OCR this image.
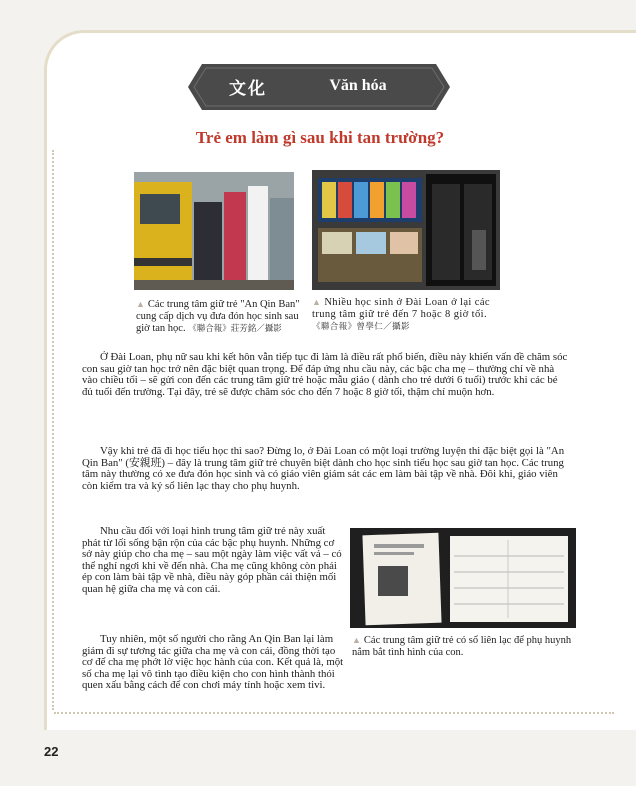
文化	Văn hóa
Trẻ em làm gì sau khi tan trường?
▲ Các trung tâm giữ trẻ "An Qin Ban" cung cấp dịch vụ đưa đón học sinh sau giờ tan học. 《聯合報》莊芳銘／攝影
▲ Nhiều học sinh ở Đài Loan ở lại các trung tâm giữ trẻ đến 7 hoặc 8 giờ tối.
《聯合報》曾學仁／攝影
▲ Các trung tâm giữ trẻ có sổ liên lạc để phụ huynh nắm bắt tình hình của con.

Ở Đài Loan, phụ nữ sau khi kết hôn vẫn tiếp tục đi làm là điều rất phổ biến, điều này khiến vấn đề chăm sóc con sau giờ tan học trở nên đặc biệt quan trọng. Để đáp ứng nhu cầu này, các bậc cha mẹ – thường chỉ về nhà vào chiều tối – sẽ gửi con đến các trung tâm giữ trẻ hoặc mẫu giáo ( dành cho trẻ dưới 6 tuổi) trước khi các bé đủ tuổi đến trường. Tại đây, trẻ sẽ được chăm sóc cho đến 7 hoặc 8 giờ tối, thậm chí muộn hơn.

Vậy khi trẻ đã đi học tiểu học thì sao? Đừng lo, ở Đài Loan có một loại trường luyện thi đặc biệt gọi là "An Qin Ban" (安親班) – đây là trung tâm giữ trẻ chuyên biệt dành cho học sinh tiểu học sau giờ tan học. Các trung tâm này thường có xe đưa đón học sinh và có giáo viên giám sát các em làm bài tập về nhà. Đôi khi, giáo viên còn kiểm tra và ký sổ liên lạc thay cho phụ huynh.

Nhu cầu đối với loại hình trung tâm giữ trẻ này xuất phát từ lối sống bận rộn của các bậc phụ huynh. Những cơ sở này giúp cho cha mẹ – sau một ngày làm việc vất vả – có thể nghỉ ngơi khi về đến nhà. Cha mẹ cũng không còn phải ép con làm bài tập về nhà, điều này góp phần cải thiện mối quan hệ giữa cha mẹ và con cái.

Tuy nhiên, một số người cho rằng An Qin Ban lại làm giảm đi sự tương tác giữa cha mẹ và con cái, đồng thời tạo cơ để cha mẹ phớt lờ việc học hành của con. Kết quả là, một số cha mẹ lại vô tình tạo điều kiện cho con hình thành thói quen xấu bằng cách để con chơi máy tính hoặc xem tivi.

22
